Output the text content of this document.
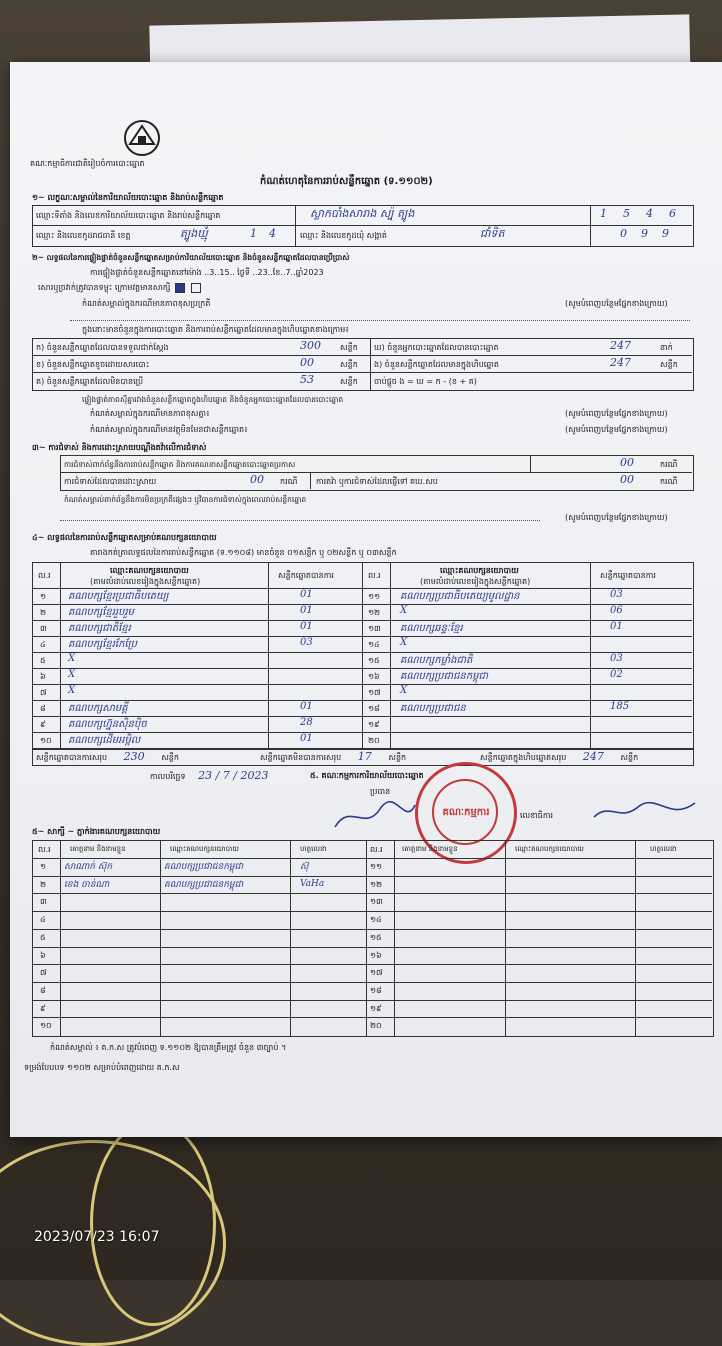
គណៈកម្មាធិការជាតិរៀបចំការបោះឆ្នោត
កំណត់ហេតុនៃការរាប់សន្លឹកឆ្នោត (ទ.១១០២)
១~ លក្ខណៈសម្គាល់នៃការិយាល័យបោះឆ្នោត និងរាប់សន្លឹកឆ្នោត
ឈ្មោះទីតាំង និងលេខការិយាល័យបោះឆ្នោត និងរាប់សន្លឹកឆ្នោត	ស្លាកបាំងសារាង ស្ប៉ុ ត្បូង	1546
ឈ្មោះ និងលេខកូដរាជធានី ខេត្ត	ត្បូងឃ្មុំ	14 ឈ្មោះ និងលេខកូដឃុំ សង្កាត់	ជាំទិត	099
២~ លទ្ធផលនៃការផ្ទៀងផ្ទាត់ចំនួនសន្លឹកឆ្នោតសម្រាប់ការិយាល័យបោះឆ្នោត និងចំនួនសន្លឹកឆ្នោតដែលបានប្រើប្រាស់
ការផ្ទៀងផ្ទាត់ចំនួនសន្លឹកឆ្នោតនៅម៉ោង ..3..15.. ថ្ងៃទី ..23..ខែ..7..ឆ្នាំ2023
សោរឬច្រវាក់ត្រូវបានទម្លុះ ក្រោមវត្តមានសាក្សី
កំណត់សម្គាល់ក្នុងករណីមានភាពខុសប្រក្រតី	(សូមបំពេញបន្ថែមផ្នែកខាងក្រោយ)
ក្នុងនោះមានចំនួនក្នុងការបោះឆ្នោត និងការរាប់សន្លឹកឆ្នោតដែលមានក្នុងហិបឆ្នោតខាងក្រោម៖
ក) ចំនួនសន្លឹកឆ្នោតដែលបានទទួលជាក់ស្តែង	300 សន្លឹក ឃ) ចំនួនអ្នកបោះឆ្នោតដែលបានបោះឆ្នោត	247	នាក់
ខ) ចំនួនសន្លឹកឆ្នោតខូចដោយសារបោះ	00	សន្លឹក ង) ចំនួនសន្លឹកឆ្នោតដែលមានក្នុងហិបឆ្នោត	247	សន្លឹក
គ) ចំនួនសន្លឹកឆ្នោតដែលមិនបានប្រើ	53	សន្លឹក ចាប់ផ្តួច ង = ឃ = ក - (ខ + គ)
ផ្ទៀងផ្ទាត់ភាពស៊ីគ្នារវាងចំនួនសន្លឹកឆ្នោតក្នុងហិបឆ្នោត និងចំនួនអ្នកបោះឆ្នោតដែលបានបោះឆ្នោត
កំណត់សម្គាល់ក្នុងករណីមានភាពខុសគ្នា៖	(សូមបំពេញបន្ថែមផ្នែកខាងក្រោយ)
កំណត់សម្គាល់ក្នុងករណីមានវត្ថុមិនមែនជាសន្លឹកឆ្នោត៖	(សូមបំពេញបន្ថែមផ្នែកខាងក្រោយ)
៣~ ការជំទាស់ និងការដោះស្រាយបណ្តឹងតវ៉ាលើការជំទាស់
ការជំទាស់ពាក់ព័ន្ធនឹងការរាប់សន្លឹកឆ្នោត និងការគណនាសន្លឹកឆ្នោតបោះឆ្នោតប្រកាស	00	ករណី
ការជំទាស់ដែលបានដោះស្រាយ	00 ករណី ការតវ៉ា ឬការជំទាស់ដែលផ្ញើទៅ គឃ.សប	00	ករណី
កំណត់សម្គាល់ពាក់ព័ន្ធនឹងការមិនប្រក្រតីផ្សេងៗ ឬវិធានការជំទាស់ក្នុងពេលរាប់សន្លឹកឆ្នោត
(សូមបំពេញបន្ថែមផ្នែកខាងក្រោយ)
៤~ លទ្ធផលនៃការរាប់សន្លឹកឆ្នោតសម្រាប់គណបក្សនយោបាយ
តារាងកត់ត្រាលទ្ធផលនៃការរាប់សន្លឹកឆ្នោត (ទ.១១០៨) មានចំនួន ០១សន្លឹក ឬ ០២សន្លឹក ឬ ០៣សន្លឹក
ល.រ
ឈ្មោះគណបក្សនយោបាយ
(តាមលំដាប់លេខរៀងក្នុងសន្លឹកឆ្នោត)
សន្លឹកឆ្នោតបានការ	ល.រ
ឈ្មោះគណបក្សនយោបាយ
(តាមលំដាប់លេខរៀងក្នុងសន្លឹកឆ្នោត)
សន្លឹកឆ្នោតបានការ
១ គណបក្សខ្មែរប្រជាធិបតេយ្យ	01	១១ គណបក្សប្រជាធិបតេយ្យមូលដ្ឋាន	03
២ គណបក្សខ្មែររួបរួម	01	១២ X	06
៣ គណបក្សជាតិខ្មែរ	01	១៣ គណបក្សឆន្ទៈខ្មែរ	01
៤ គណបក្សខ្មែរកែប្រែ	03	១៤ X
៥ X	១៥ គណបក្សកម្លាំងជាតិ	03
៦ X	១៦ គណបក្សប្រជាជនកម្ពុជា	02
៧ X	១៧ X
៨ គណបក្សសាមគ្គី	01	១៨ គណបក្សប្រជាជន	185
៩ គណបក្សហ្វ៊ុនស៊ិនប៉ិច	28	១៩
១០ គណបក្សដើមអម្ពិល	01	២០
សន្លឹកឆ្នោតបានការសរុប 230 សន្លឹក	សន្លឹកឆ្នោតមិនបានការសរុប 17 សន្លឹក	សន្លឹកឆ្នោតក្នុងហិបឆ្នោតសរុប 247 សន្លឹក
កាលបរិច្ឆេទ 23 / 7 / 2023	៥. គណៈកម្មការការិយាល័យបោះឆ្នោត
ប្រធាន
លេខាធិការ
គណៈកម្មការ
៥~ សាក្សី ~ ភ្នាក់ងារគណបក្សនយោបាយ
ល.រ	គោត្តនាម និងនាមខ្លួន	ឈ្មោះគណបក្សនយោបាយ	ហត្ថលេខា	ល.រ	គោត្តនាម និងនាមខ្លួន	ឈ្មោះគណបក្សនយោបាយ	ហត្ថលេខា
១ សាណាក់ ស៊ុក	គណបក្សប្រជាជនកម្ពុជា	ស៊ុ	១១
២ ខេង ចាន់ណា	គណបក្សប្រជាជនកម្ពុជា	VaHa	១២
៣	១៣
៤	១៤
៥	១៥
៦	១៦
៧	១៧
៨	១៨
៩	១៩
១០	២០
កំណត់សម្គាល់ ៖ គ.ក.ស ត្រូវបំពេញ ទ.១១០២ ឱ្យបានត្រឹមត្រូវ ចំនួន ៣ច្បាប់ ។
ទម្រង់បែបបទ ១១០២ សម្រាប់បំពេញដោយ គ.ក.ស
2023/07/23 16:07
